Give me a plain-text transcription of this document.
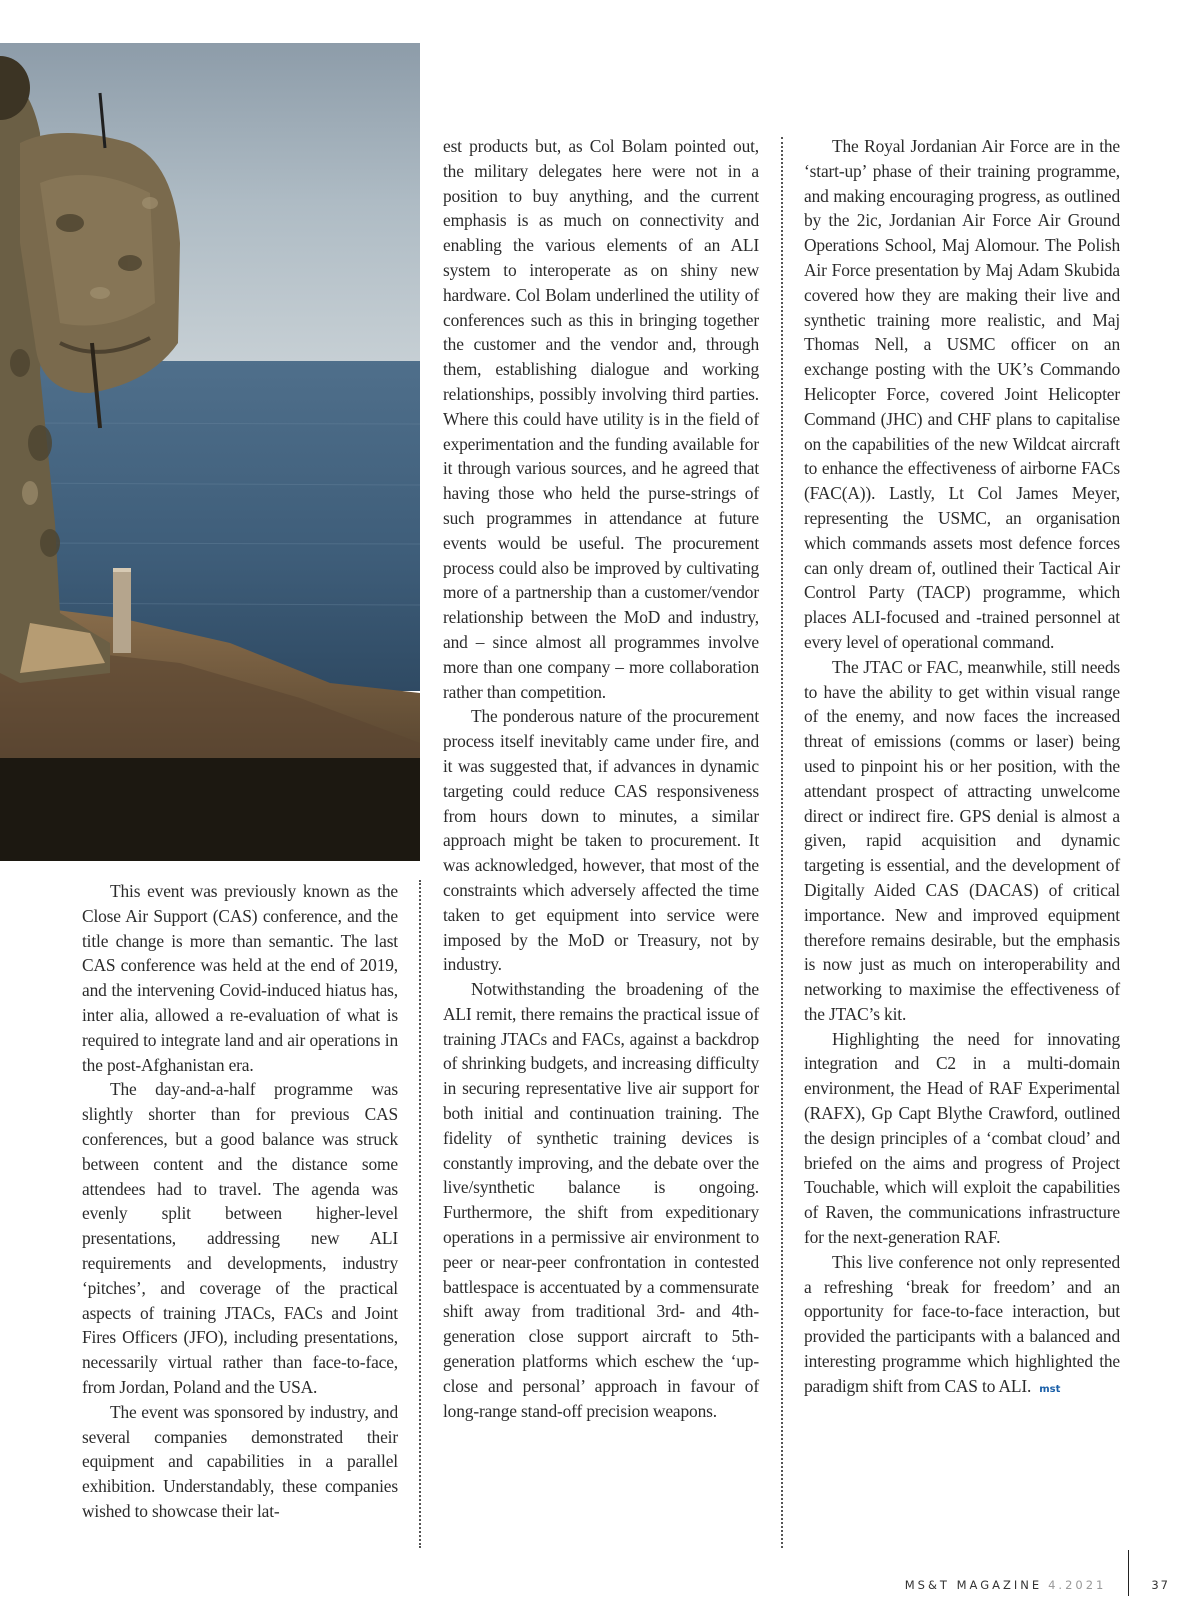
This event was previously known as the Close Air Support (CAS) conference, and the title change is more than semantic. The last CAS conference was held at the end of 2019, and the intervening Covid-induced hiatus has, inter alia, allowed a re-evaluation of what is required to integrate land and air operations in the post-Afghanistan era.

The day-and-a-half programme was slightly shorter than for previous CAS conferences, but a good balance was struck between content and the distance some attendees had to travel. The agenda was evenly split between higher-level presentations, addressing new ALI requirements and developments, industry ‘pitches’, and coverage of the practical aspects of training JTACs, FACs and Joint Fires Officers (JFO), including presentations, necessarily virtual rather than face-to-face, from Jordan, Poland and the USA.

The event was sponsored by industry, and several companies demonstrated their equipment and capabilities in a parallel exhibition. Understandably, these companies wished to showcase their lat-

est products but, as Col Bolam pointed out, the military delegates here were not in a position to buy anything, and the current emphasis is as much on connectivity and enabling the various elements of an ALI system to interoperate as on shiny new hardware. Col Bolam underlined the utility of conferences such as this in bringing together the customer and the vendor and, through them, establishing dialogue and working relationships, possibly involving third parties. Where this could have utility is in the field of experimentation and the funding available for it through various sources, and he agreed that having those who held the purse-strings of such programmes in attendance at future events would be useful. The procurement process could also be improved by cultivating more of a partnership than a customer/vendor relationship between the MoD and industry, and – since almost all programmes involve more than one company – more collaboration rather than competition.

The ponderous nature of the procurement process itself inevitably came under fire, and it was suggested that, if advances in dynamic targeting could reduce CAS responsiveness from hours down to minutes, a similar approach might be taken to procurement. It was acknowledged, however, that most of the constraints which adversely affected the time taken to get equipment into service were imposed by the MoD or Treasury, not by industry.

Notwithstanding the broadening of the ALI remit, there remains the practical issue of training JTACs and FACs, against a backdrop of shrinking budgets, and increasing difficulty in securing representative live air support for both initial and continuation training. The fidelity of synthetic training devices is constantly improving, and the debate over the live/synthetic balance is ongoing. Furthermore, the shift from expeditionary operations in a permissive air environment to peer or near-peer confrontation in contested battlespace is accentuated by a commensurate shift away from traditional 3rd- and 4th-generation close support aircraft to 5th-generation platforms which eschew the ‘up-close and personal’ approach in favour of long-range stand-off precision weapons.

The Royal Jordanian Air Force are in the ‘start-up’ phase of their training programme, and making encouraging progress, as outlined by the 2ic, Jordanian Air Force Air Ground Operations School, Maj Alomour. The Polish Air Force presentation by Maj Adam Skubida covered how they are making their live and synthetic training more realistic, and Maj Thomas Nell, a USMC officer on an exchange posting with the UK’s Commando Helicopter Force, covered Joint Helicopter Command (JHC) and CHF plans to capitalise on the capabilities of the new Wildcat aircraft to enhance the effectiveness of airborne FACs (FAC(A)). Lastly, Lt Col James Meyer, representing the USMC, an organisation which commands assets most defence forces can only dream of, outlined their Tactical Air Control Party (TACP) programme, which places ALI-focused and -trained personnel at every level of operational command.

The JTAC or FAC, meanwhile, still needs to have the ability to get within visual range of the enemy, and now faces the increased threat of emissions (comms or laser) being used to pinpoint his or her position, with the attendant prospect of attracting unwelcome direct or indirect fire. GPS denial is almost a given, rapid acquisition and dynamic targeting is essential, and the development of Digitally Aided CAS (DACAS) of critical importance. New and improved equipment therefore remains desirable, but the emphasis is now just as much on interoperability and networking to maximise the effectiveness of the JTAC’s kit.

Highlighting the need for innovating integration and C2 in a multi-domain environment, the Head of RAF Experimental (RAFX), Gp Capt Blythe Crawford, outlined the design principles of a ‘combat cloud’ and briefed on the aims and progress of Project Touchable, which will exploit the capabilities of Raven, the communications infrastructure for the next-generation RAF.

This live conference not only represented a refreshing ‘break for freedom’ and an opportunity for face-to-face interaction, but provided the participants with a balanced and interesting programme which highlighted the paradigm shift from CAS to ALI. mst

MS&T MAGAZINE 4.2021	37
